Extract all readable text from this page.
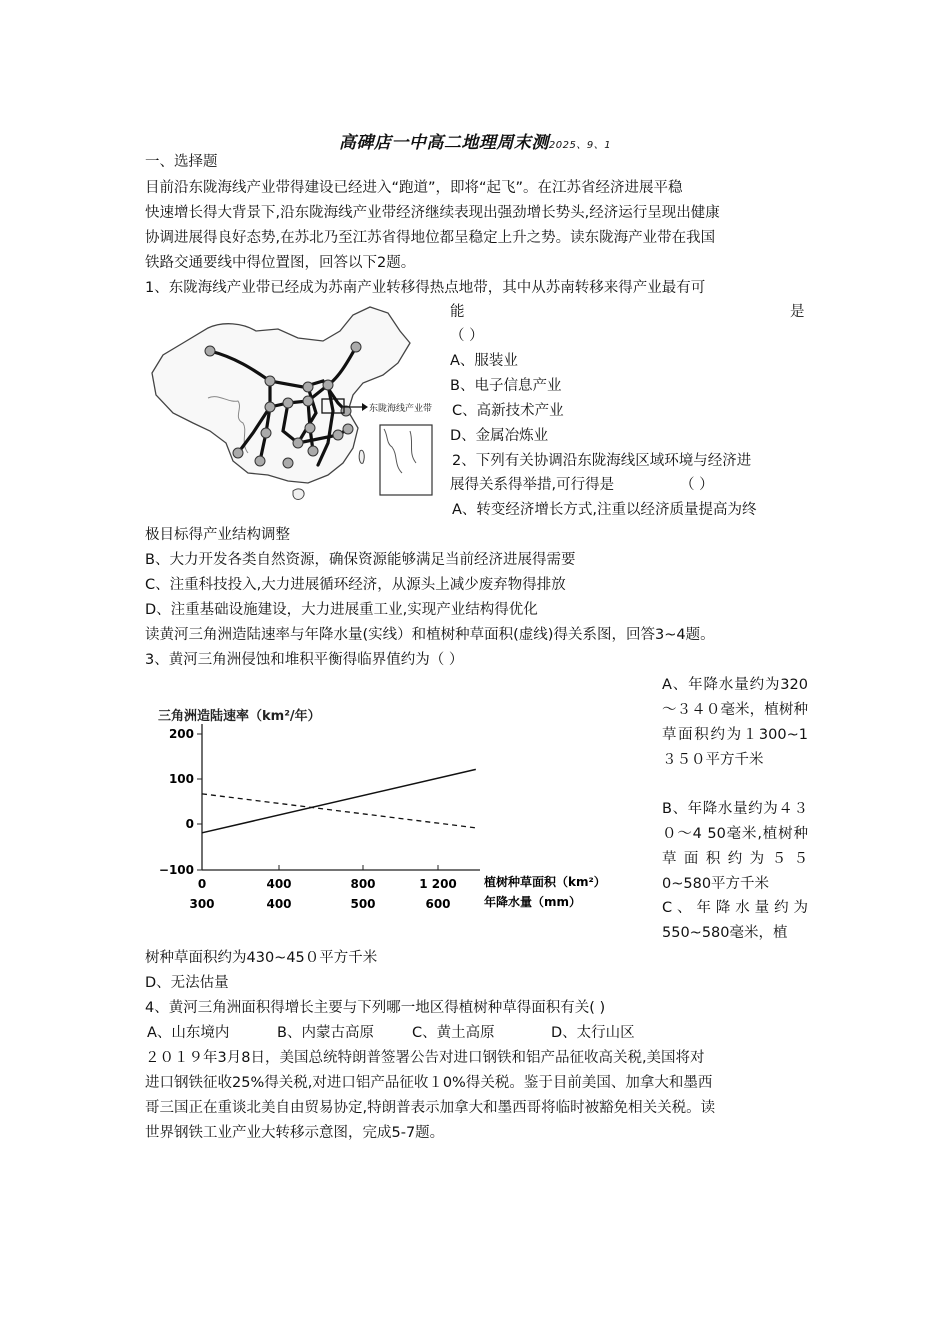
高碑店一中高二地理周末测2025、9、1
一、选择题
目前沿东陇海线产业带得建设已经进入“跑道”，即将“起飞”。在江苏省经济进展平稳
快速增长得大背景下,沿东陇海线产业带经济继续表现出强劲增长势头,经济运行呈现出健康
协调进展得良好态势,在苏北乃至江苏省得地位都呈稳定上升之势。读东陇海产业带在我国
铁路交通要线中得位置图，回答以下2题。
1、东陇海线产业带已经成为苏南产业转移得热点地带，其中从苏南转移来得产业最有可
能	是
（ ）
A、服装业
B、电子信息产业
C、高新技术产业
D、金属冶炼业
东陇海线产业带
2、下列有关协调沿东陇海线区域环境与经济进
展得关系得举措,可行得是	（ ）
A、转变经济增长方式,注重以经济质量提高为终
极目标得产业结构调整
B、大力开发各类自然资源，确保资源能够满足当前经济进展得需要
C、注重科技投入,大力进展循环经济，从源头上减少废弃物得排放
D、注重基础设施建设，大力进展重工业,实现产业结构得优化
读黄河三角洲造陆速率与年降水量(实线）和植树种草面积(虚线)得关系图，回答3~4题。
3、黄河三角洲侵蚀和堆积平衡得临界值约为（ ）
三角洲造陆速率（km²/年）
200
100
0
−100
0	400	800	1 200
300	400	500	600
植树种草面积（km²）
年降水量（mm）
A、年降水量约为320～３４０毫米，植树种草面积约为１300~1　３５０平方千米
B、年降水量约为４３０～4 50毫米,植树种草面积约为５５0~580平方千米
C、年降水量约为550~580毫米，植
树种草面积约为430~45０平方千米
D、无法估量
4、黄河三角洲面积得增长主要与下列哪一地区得植树种草得面积有关( )
A、山东境内	B、内蒙古高原	C、黄土高原	D、太行山区
２０１９年3月8日，美国总统特朗普签署公告对进口钢铁和铝产品征收高关税,美国将对
进口钢铁征收25%得关税,对进口铝产品征收１0%得关税。鉴于目前美国、加拿大和墨西
哥三国正在重谈北美自由贸易协定,特朗普表示加拿大和墨西哥将临时被豁免相关关税。读
世界钢铁工业产业大转移示意图，完成5-7题。
